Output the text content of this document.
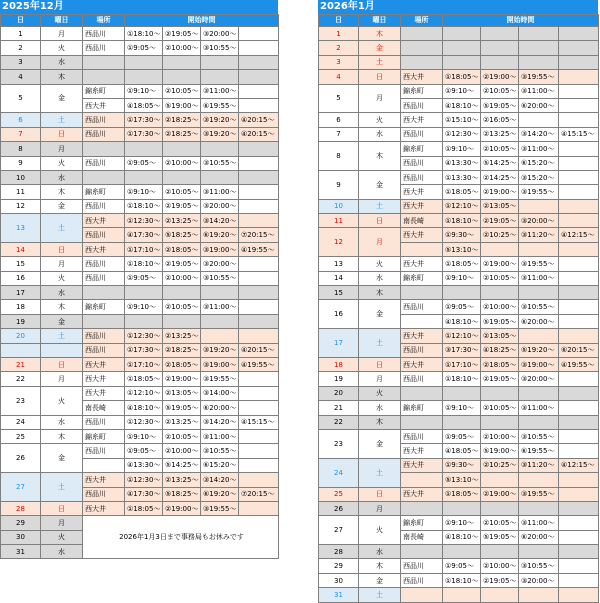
2025年12月
日	曜日	場所	開始時間			
1	月	西品川	①18:10～	②19:05～	③20:00～	
2	火	西品川	①9:05～	②10:00～	③10:55～	
3	水					
4	木					
5	金	錦糸町	①9:10～	②10:05～	③11:00～	
		西大井	④18:05～	⑤19:00～	⑥19:55～	
6	土	西品川	①17:30～	②18:25～	③19:20～	④20:15～
7	日	西品川	①17:30～	②18:25～	③19:20～	④20:15～
8	月					
9	火	西品川	①9:05～	②10:00～	③10:55～	
10	水					
11	木	錦糸町	①9:10～	②10:05～	③11:00～	
12	金	西品川	①18:10～	②19:05～	③20:00～	
13	土	西大井	①12:30～	②13:25～	③14:20～	
		西品川	④17:30～	⑤18:25～	⑥19:20～	⑦20:15～
14	日	西大井	①17:10～	②18:05～	③19:00～	④19:55～
15	月	西品川	①18:10～	②19:05～	③20:00～	
16	火	西品川	①9:05～	②10:00～	③10:55～	
17	水					
18	木	錦糸町	①9:10～	②10:05～	③11:00～	
19	金					
20	土	西品川	①12:30～	②13:25～		
		西品川	①17:30～	②18:25～	③19:20～	④20:15～
21	日	西大井	①17:10～	②18:05～	③19:00～	④19:55～
22	月	西大井	①18:05～	②19:00～	③19:55～	
23	火	西大井	①12:10～	②13:05～	③14:00～	
		南長崎	④18:10～	⑤19:05～	⑥20:00～	
24	水	西品川	①12:30～	②13:25～	③14:20～	④15:15～
25	木	錦糸町	①9:10～	②10:05～	③11:00～	
26	金	西品川	①9:05～	②10:00～	③10:55～	
			④13:30～	⑤14:25～	⑥15:20～	
27	土	西大井	①12:30～	②13:25～	③14:20～	
		西品川	④17:30～	⑤18:25～	⑥19:20～	⑦20:15～
28	日	西大井	①18:05～	②19:00～	③19:55～	
29	月	2026年1月3日まで事務局もお休みです				
30	火					
31	水					
2026年1月
日	曜日	場所	開始時間			
1	木					
2	金					
3	土					
4	日	西大井	①18:05～	②19:00～	③19:55～	
5	月	錦糸町	①9:10～	②10:05～	③11:00～	
		西品川	④18:10～	⑤19:05～	⑥20:00～	
6	火	西大井	①15:10～	②16:05～		
7	水	西品川	①12:30～	②13:25～	③14:20～	④15:15～
8	木	錦糸町	①9:10～	②10:05～	③11:00～	
		西品川	④13:30～	⑤14:25～	⑥15:20～	
9	金	西品川	①13:30～	②14:25～	③15:20～	
		西大井	①18:05～	②19:00～	③19:55～	
10	土	西大井	①12:10～	②13:05～		
11	日	南長崎	①18:10～	②19:05～	③20:00～	
12	月	西大井	①9:30～	②10:25～	③11:20～	④12:15～
			⑤13:10～			
13	火	西大井	①18:05～	②19:00～	③19:55～	
14	水	錦糸町	①9:10～	②10:05～	③11:00～	
15	木					
16	金	西品川	①9:05～	②10:00～	③10:55～	
			④18:10～	⑤19:05～	⑥20:00～	
17	土	西大井	①12:10～	②13:05～		
		西品川	③17:30～	④18:25～	⑤19:20～	⑥20:15～
18	日	西大井	①17:10～	②18:05～	③19:00～	④19:55～
19	月	西品川	①18:10～	②19:05～	③20:00～	
20	火					
21	水	錦糸町	①9:10～	②10:05～	③11:00～	
22	木					
23	金	西品川	①9:05～	②10:00～	③10:55～	
		西大井	④18:05～	⑤19:00～	⑥19:55～	
24	土	西大井	①9:30～	②10:25～	③11:20～	④12:15～
			⑤13:10～			
25	日	西大井	①18:05～	②19:00～	③19:55～	
26	月					
27	火	錦糸町	①9:10～	②10:05～	③11:00～	
		南長崎	④18:10～	⑤19:05～	⑥20:00～	
28	水					
29	木	西品川	①9:05～	②10:00～	③10:55～	
30	金	西品川	①18:10～	②19:05～	③20:00～	
31	土					
